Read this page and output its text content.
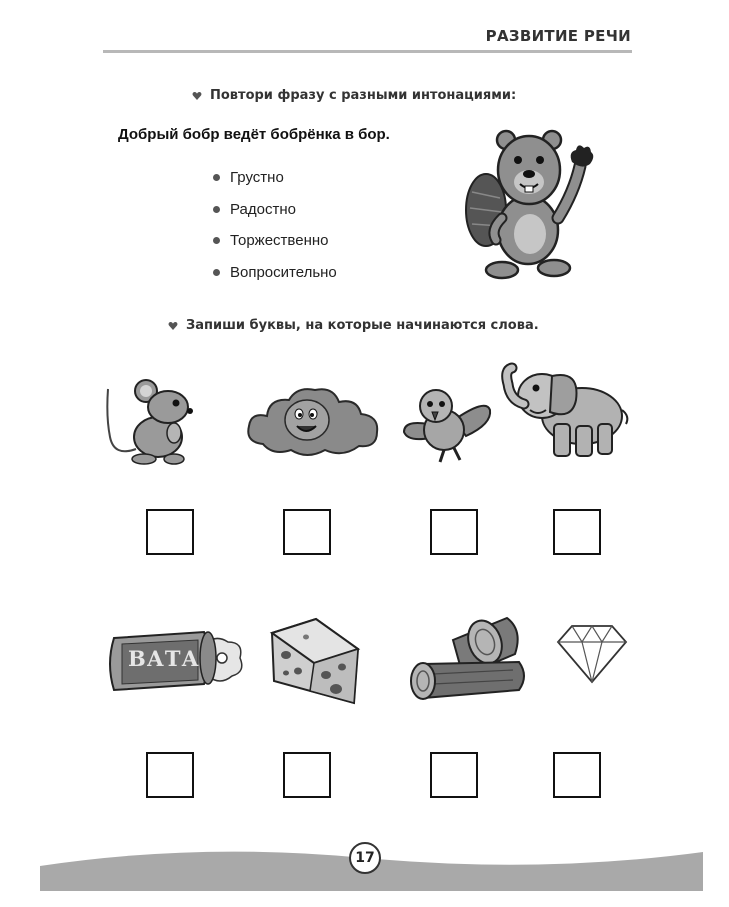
РАЗВИТИЕ РЕЧИ
Повтори фразу с разными интонациями:
Добрый бобр ведёт бобрёнка в бор.
Грустно
Радостно
Торжественно
Вопросительно
Запиши буквы, на которые начинаются слова.
ВАТА
17
